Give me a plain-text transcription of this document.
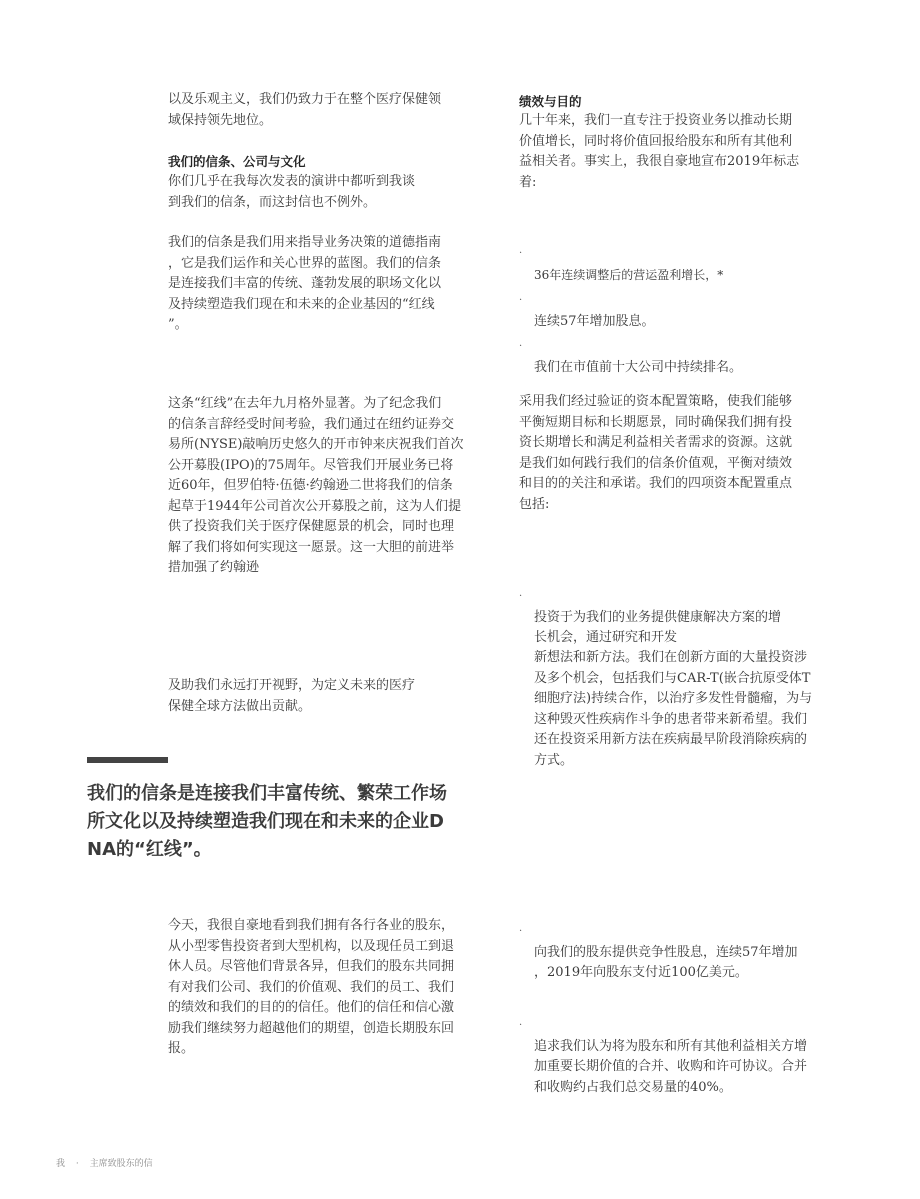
以及乐观主义，我们仍致力于在整个医疗保健领
域保持领先地位。
我们的信条、公司与文化
你们几乎在我每次发表的演讲中都听到我谈
到我们的信条，而这封信也不例外。
我们的信条是我们用来指导业务决策的道德指南
，它是我们运作和关心世界的蓝图。我们的信条
是连接我们丰富的传统、蓬勃发展的职场文化以
及持续塑造我们现在和未来的企业基因的“红线
”。
这条“红线”在去年九月格外显著。为了纪念我们
的信条言辞经受时间考验，我们通过在纽约证券交
易所(NYSE)敲响历史悠久的开市钟来庆祝我们首次
公开募股(IPO)的75周年。尽管我们开展业务已将
近60年，但罗伯特·伍德·约翰逊二世将我们的信条
起草于1944年公司首次公开募股之前，这为人们提
供了投资我们关于医疗保健愿景的机会，同时也理
解了我们将如何实现这一愿景。这一大胆的前进举
措加强了约翰逊
及助我们永远打开视野，为定义未来的医疗
保健全球方法做出贡献。
我们的信条是连接我们丰富传统、繁荣工作场
所文化以及持续塑造我们现在和未来的企业D
NA的“红线”。
今天，我很自豪地看到我们拥有各行各业的股东，
从小型零售投资者到大型机构，以及现任员工到退
休人员。尽管他们背景各异，但我们的股东共同拥
有对我们公司、我们的价值观、我们的员工、我们
的绩效和我们的目的的信任。他们的信任和信心激
励我们继续努力超越他们的期望，创造长期股东回
报。
绩效与目的
几十年来，我们一直专注于投资业务以推动长期
价值增长，同时将价值回报给股东和所有其他利
益相关者。事实上，我很自豪地宣布2019年标志
着:

·
36年连续调整后的营运盈利增长，*

·
连续57年增加股息。

·
我们在市值前十大公司中持续排名。

采用我们经过验证的资本配置策略，使我们能够
平衡短期目标和长期愿景，同时确保我们拥有投
资长期增长和满足利益相关者需求的资源。这就
是我们如何践行我们的信条价值观，平衡对绩效
和目的的关注和承诺。我们的四项资本配置重点
包括:

·
投资于为我们的业务提供健康解决方案的增
长机会，通过研究和开发

新想法和新方法。我们在创新方面的大量投资涉
及多个机会，包括我们与CAR-T(嵌合抗原受体T
细胞疗法)持续合作，以治疗多发性骨髓瘤，为与
这种毁灭性疾病作斗争的患者带来新希望。我们
还在投资采用新方法在疾病最早阶段消除疾病的
方式。

·
向我们的股东提供竞争性股息，连续57年增加
，2019年向股东支付近100亿美元。

·
追求我们认为将为股东和所有其他利益相关方增
加重要长期价值的合并、收购和许可协议。合并
和收购约占我们总交易量的40%。

我 · 主席致股东的信
